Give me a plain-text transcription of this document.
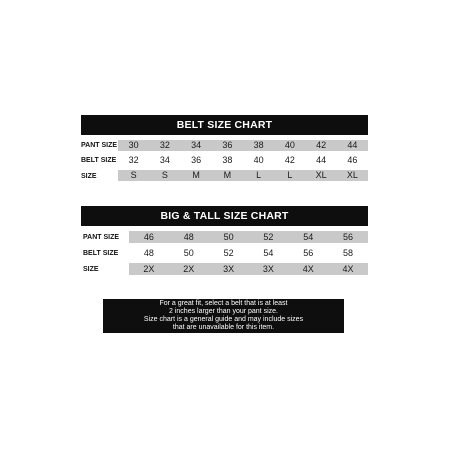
BELT SIZE CHART
PANT SIZE	30	32	34	36	38	40	42	44
BELT SIZE	32	34	36	38	40	42	44	46
SIZE	S	S	M	M	L	L	XL	XL
BIG & TALL SIZE CHART
PANT SIZE	46	48	50	52	54	56
BELT SIZE	48	50	52	54	56	58
SIZE	2X	2X	3X	3X	4X	4X
For a great fit, select a belt that is at least
2 inches larger than your pant size.
Size chart is a general guide and may include sizes
that are unavailable for this item.
